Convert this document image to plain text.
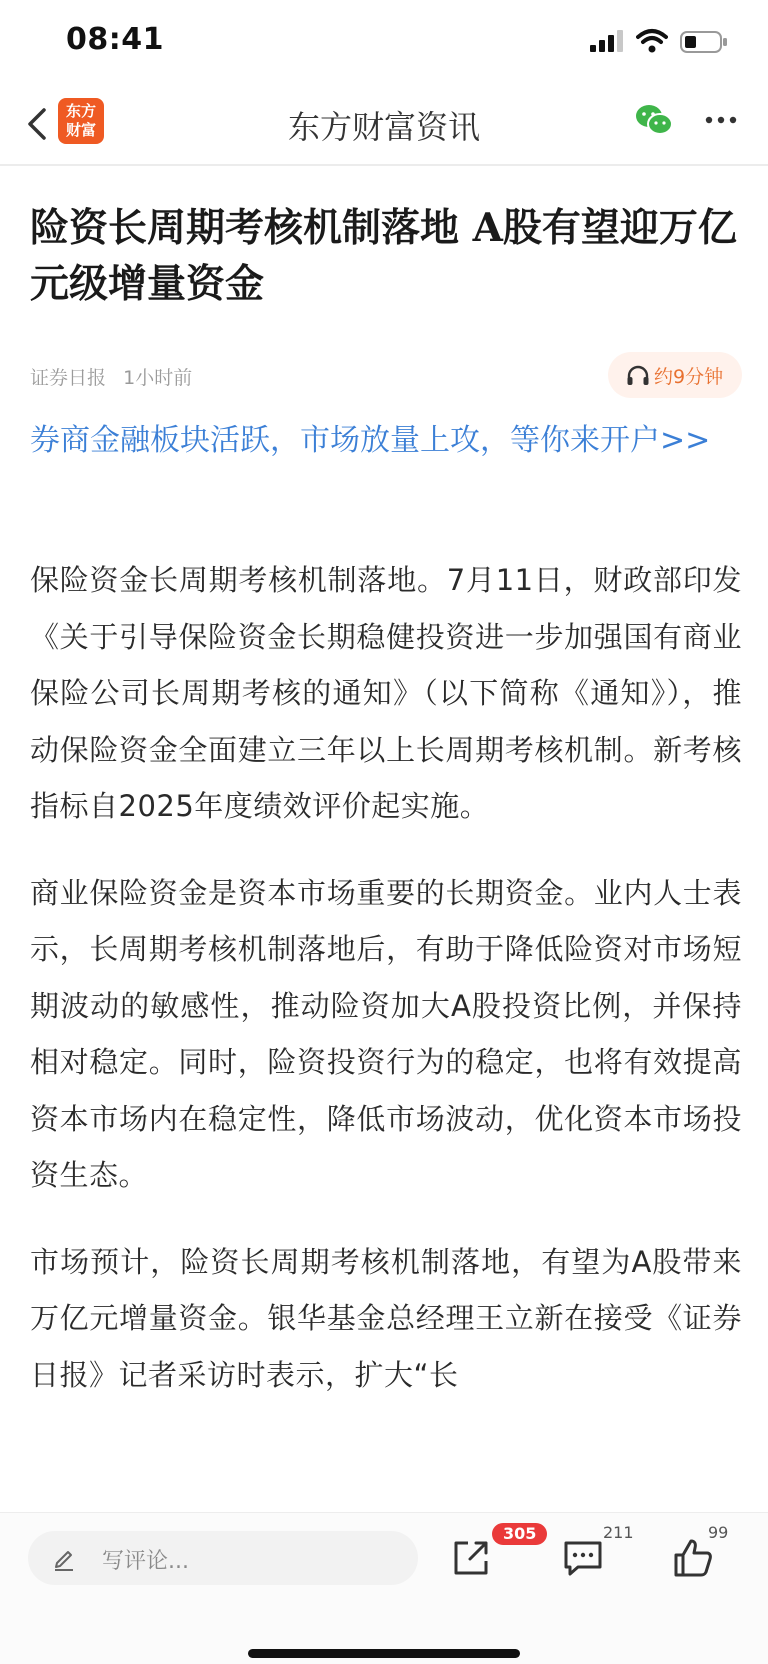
08:41
东方
财富	东方财富资讯
险资长周期考核机制落地 A股有望迎万亿元级增量资金
证券日报 1小时前	约9分钟
券商金融板块活跃，市场放量上攻，等你来开户>>

保险资金长周期考核机制落地。7月11日，财政部印发《关于引导保险资金长期稳健投资进一步加强国有商业保险公司长周期考核的通知》（以下简称《通知》），推动保险资金全面建立三年以上长周期考核机制。新考核指标自2025年度绩效评价起实施。

商业保险资金是资本市场重要的长期资金。业内人士表示，长周期考核机制落地后，有助于降低险资对市场短期波动的敏感性，推动险资加大A股投资比例，并保持相对稳定。同时，险资投资行为的稳定，也将有效提高资本市场内在稳定性，降低市场波动，优化资本市场投资生态。

市场预计，险资长周期考核机制落地，有望为A股带来万亿元增量资金。银华基金总经理王立新在接受《证券日报》记者采访时表示，扩大“长

写评论...
305	211	99
